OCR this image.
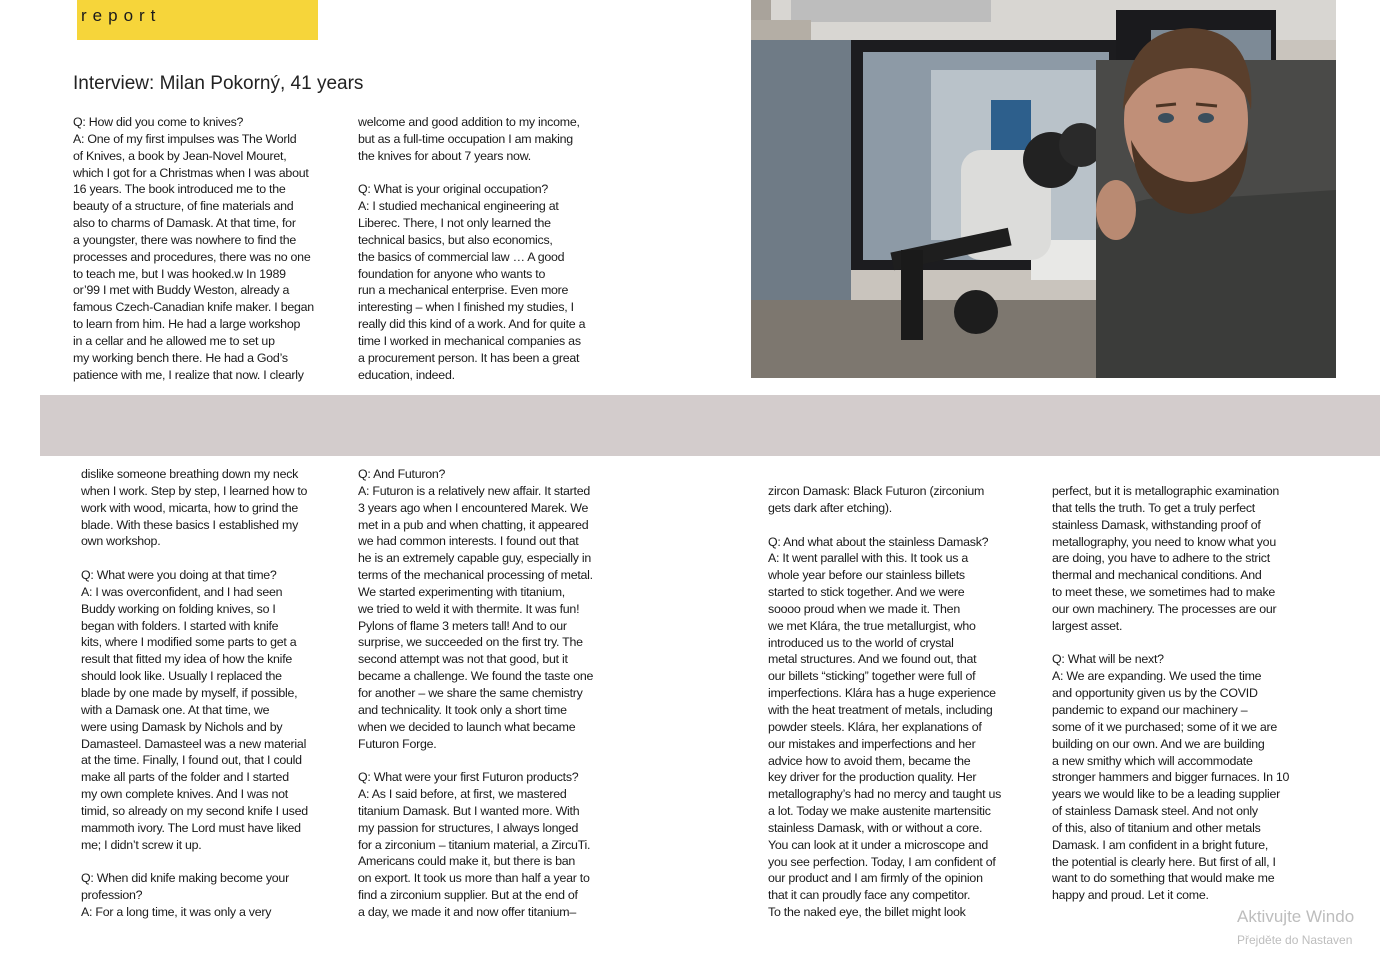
report
Interview: Milan Pokorný, 41 years

Q: How did you come to knives?
A: One of my first impulses was The World
of Knives, a book by Jean-Novel Mouret,
which I got for a Christmas when I was about
16 years. The book introduced me to the
beauty of a structure, of fine materials and
also to charms of Damask. At that time, for
a youngster, there was nowhere to find the
processes and procedures, there was no one
to teach me, but I was hooked.w In 1989
or’99 I met with Buddy Weston, already a
famous Czech-Canadian knife maker. I began
to learn from him. He had a large workshop
in a cellar and he allowed me to set up
my working bench there. He had a God’s
patience with me, I realize that now. I clearly

welcome and good addition to my income,
but as a full-time occupation I am making
the knives for about 7 years now.

Q: What is your original occupation?
A: I studied mechanical engineering at
Liberec. There, I not only learned the
technical basics, but also economics,
the basics of commercial law … A good
foundation for anyone who wants to
run a mechanical enterprise. Even more
interesting – when I finished my studies, I
really did this kind of a work. And for quite a
time I worked in mechanical companies as
a procurement person. It has been a great
education, indeed.

dislike someone breathing down my neck
when I work. Step by step, I learned how to
work with wood, micarta, how to grind the
blade. With these basics I established my
own workshop.

Q: What were you doing at that time?
A: I was overconfident, and I had seen
Buddy working on folding knives, so I
began with folders. I started with knife
kits, where I modified some parts to get a
result that fitted my idea of how the knife
should look like. Usually I replaced the
blade by one made by myself, if possible,
with a Damask one. At that time, we
were using Damask by Nichols and by
Damasteel. Damasteel was a new material
at the time. Finally, I found out, that I could
make all parts of the folder and I started
my own complete knives. And I was not
timid, so already on my second knife I used
mammoth ivory. The Lord must have liked
me; I didn’t screw it up.

Q: When did knife making become your
profession?
A: For a long time, it was only a very

Q: And Futuron?
A: Futuron is a relatively new affair. It started
3 years ago when I encountered Marek. We
met in a pub and when chatting, it appeared
we had common interests. I found out that
he is an extremely capable guy, especially in
terms of the mechanical processing of metal.
We started experimenting with titanium,
we tried to weld it with thermite. It was fun!
Pylons of flame 3 meters tall! And to our
surprise, we succeeded on the first try. The
second attempt was not that good, but it
became a challenge. We found the taste one
for another – we share the same chemistry
and technicality. It took only a short time
when we decided to launch what became
Futuron Forge.

Q: What were your first Futuron products?
A: As I said before, at first, we mastered
titanium Damask. But I wanted more. With
my passion for structures, I always longed
for a zirconium – titanium material, a ZircuTi.
Americans could make it, but there is ban
on export. It took us more than half a year to
find a zirconium supplier. But at the end of
a day, we made it and now offer titanium–

zircon Damask: Black Futuron (zirconium
gets dark after etching).

Q: And what about the stainless Damask?
A: It went parallel with this. It took us a
whole year before our stainless billets
started to stick together. And we were
soooo proud when we made it. Then
we met Klára, the true metallurgist, who
introduced us to the world of crystal
metal structures. And we found out, that
our billets “sticking” together were full of
imperfections. Klára has a huge experience
with the heat treatment of metals, including
powder steels. Klára, her explanations of
our mistakes and imperfections and her
advice how to avoid them, became the
key driver for the production quality. Her
metallography’s had no mercy and taught us
a lot. Today we make austenite martensitic
stainless Damask, with or without a core.
You can look at it under a microscope and
you see perfection. Today, I am confident of
our product and I am firmly of the opinion
that it can proudly face any competitor.
To the naked eye, the billet might look

perfect, but it is metallographic examination
that tells the truth. To get a truly perfect
stainless Damask, withstanding proof of
metallography, you need to know what you
are doing, you have to adhere to the strict
thermal and mechanical conditions. And
to meet these, we sometimes had to make
our own machinery. The processes are our
largest asset.

Q: What will be next?
A: We are expanding. We used the time
and opportunity given us by the COVID
pandemic to expand our machinery –
some of it we purchased; some of it we are
building on our own. And we are building
a new smithy which will accommodate
stronger hammers and bigger furnaces. In 10
years we would like to be a leading supplier
of stainless Damask steel. And not only
of this, also of titanium and other metals
Damask. I am confident in a bright future,
the potential is clearly here. But first of all, I
want to do something that would make me
happy and proud. Let it come.

Aktivujte Windo
Přejděte do Nastaven
